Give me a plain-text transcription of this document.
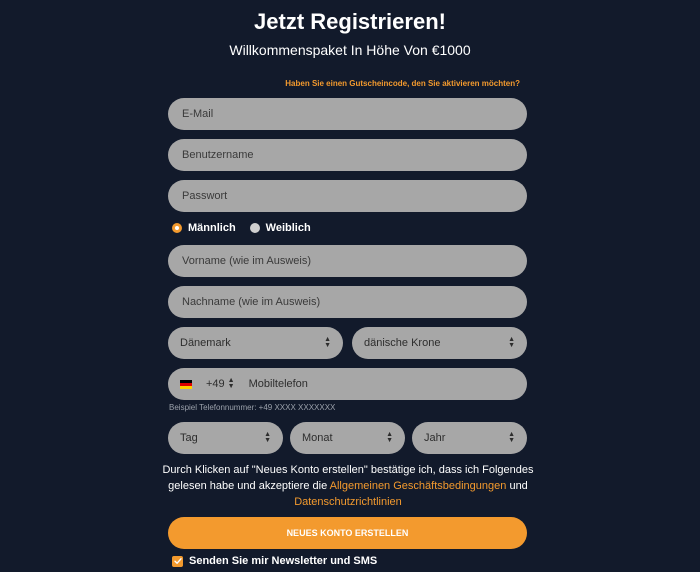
Jetzt Registrieren!
Willkommenspaket In Höhe Von €1000
Haben Sie einen Gutscheincode, den Sie aktivieren möchten?
E-Mail
Benutzername
Männlich	Weiblich
Vorname (wie im Ausweis)
Nachname (wie im Ausweis)
Dänemark	▲
▼	dänische Krone	▲
▼
+49 ▲
▼
Mobiltelefon
Beispiel Telefonnummer: +49 XXXX XXXXXXX
Tag	▲
▼	Monat	▲
▼	Jahr	▲
▼
Durch Klicken auf "Neues Konto erstellen" bestätige ich, dass ich Folgendes gelesen habe und akzeptiere die Allgemeinen Geschäftsbedingungen und Datenschutzrichtlinien
NEUES KONTO ERSTELLEN
Senden Sie mir Newsletter und SMS
